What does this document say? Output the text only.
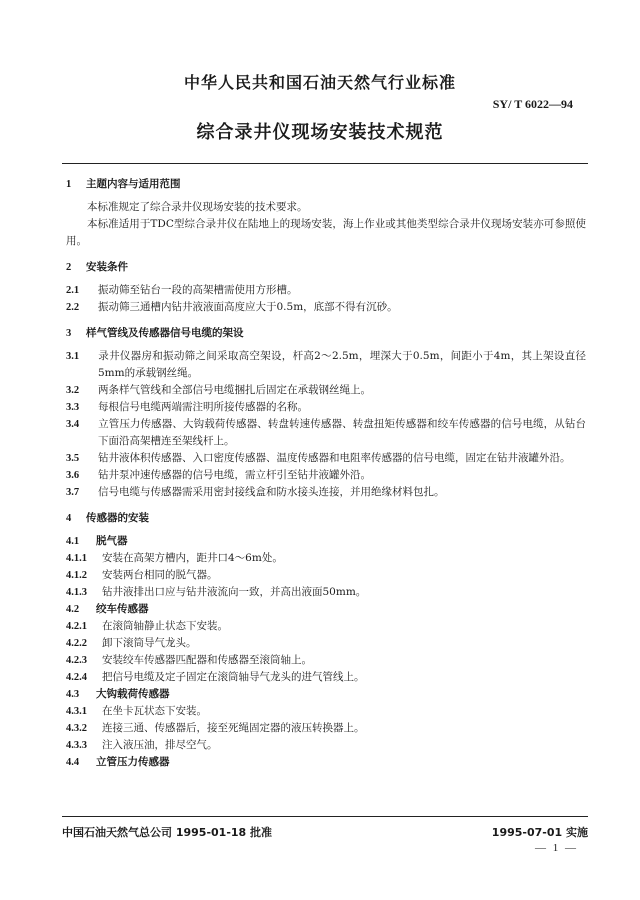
中华人民共和国石油天然气行业标准
SY/ T 6022—94
综合录井仪现场安装技术规范

1 主题内容与适用范围

本标准规定了综合录井仪现场安装的技术要求。

本标准适用于TDC型综合录井仪在陆地上的现场安装，海上作业或其他类型综合录井仪现场安装亦可参照使用。

2 安装条件

2.1 振动筛至钻台一段的高架槽需使用方形槽。

2.2 振动筛三通槽内钻井液液面高度应大于0.5m，底部不得有沉砂。

3 样气管线及传感器信号电缆的架设

3.1 录井仪器房和振动筛之间采取高空架设，杆高2～2.5m，埋深大于0.5m，间距小于4m，其上架设直径5mm的承载钢丝绳。

3.2 两条样气管线和全部信号电缆捆扎后固定在承载钢丝绳上。

3.3 每根信号电缆两端需注明所接传感器的名称。

3.4 立管压力传感器、大钩载荷传感器、转盘转速传感器、转盘扭矩传感器和绞车传感器的信号电缆，从钻台下面沿高架槽连至架线杆上。

3.5 钻井液体积传感器、入口密度传感器、温度传感器和电阻率传感器的信号电缆，固定在钻井液罐外沿。

3.6 钻井泵冲速传感器的信号电缆，需立杆引至钻井液罐外沿。

3.7 信号电缆与传感器需采用密封接线盒和防水接头连接，并用绝缘材料包扎。

4 传感器的安装

4.1 脱气器

4.1.1 安装在高架方槽内，距井口4～6m处。

4.1.2 安装两台相同的脱气器。

4.1.3 钻井液排出口应与钻井液流向一致，并高出液面50mm。

4.2 绞车传感器

4.2.1 在滚筒轴静止状态下安装。

4.2.2 卸下滚筒导气龙头。

4.2.3 安装绞车传感器匹配器和传感器至滚筒轴上。

4.2.4 把信号电缆及定子固定在滚筒轴导气龙头的进气管线上。

4.3 大钩载荷传感器

4.3.1 在坐卡瓦状态下安装。

4.3.2 连接三通、传感器后，接至死绳固定器的液压转换器上。

4.3.3 注入液压油，排尽空气。

4.4 立管压力传感器

中国石油天然气总公司 1995-01-18 批准	1995-07-01 实施
— 1 —
